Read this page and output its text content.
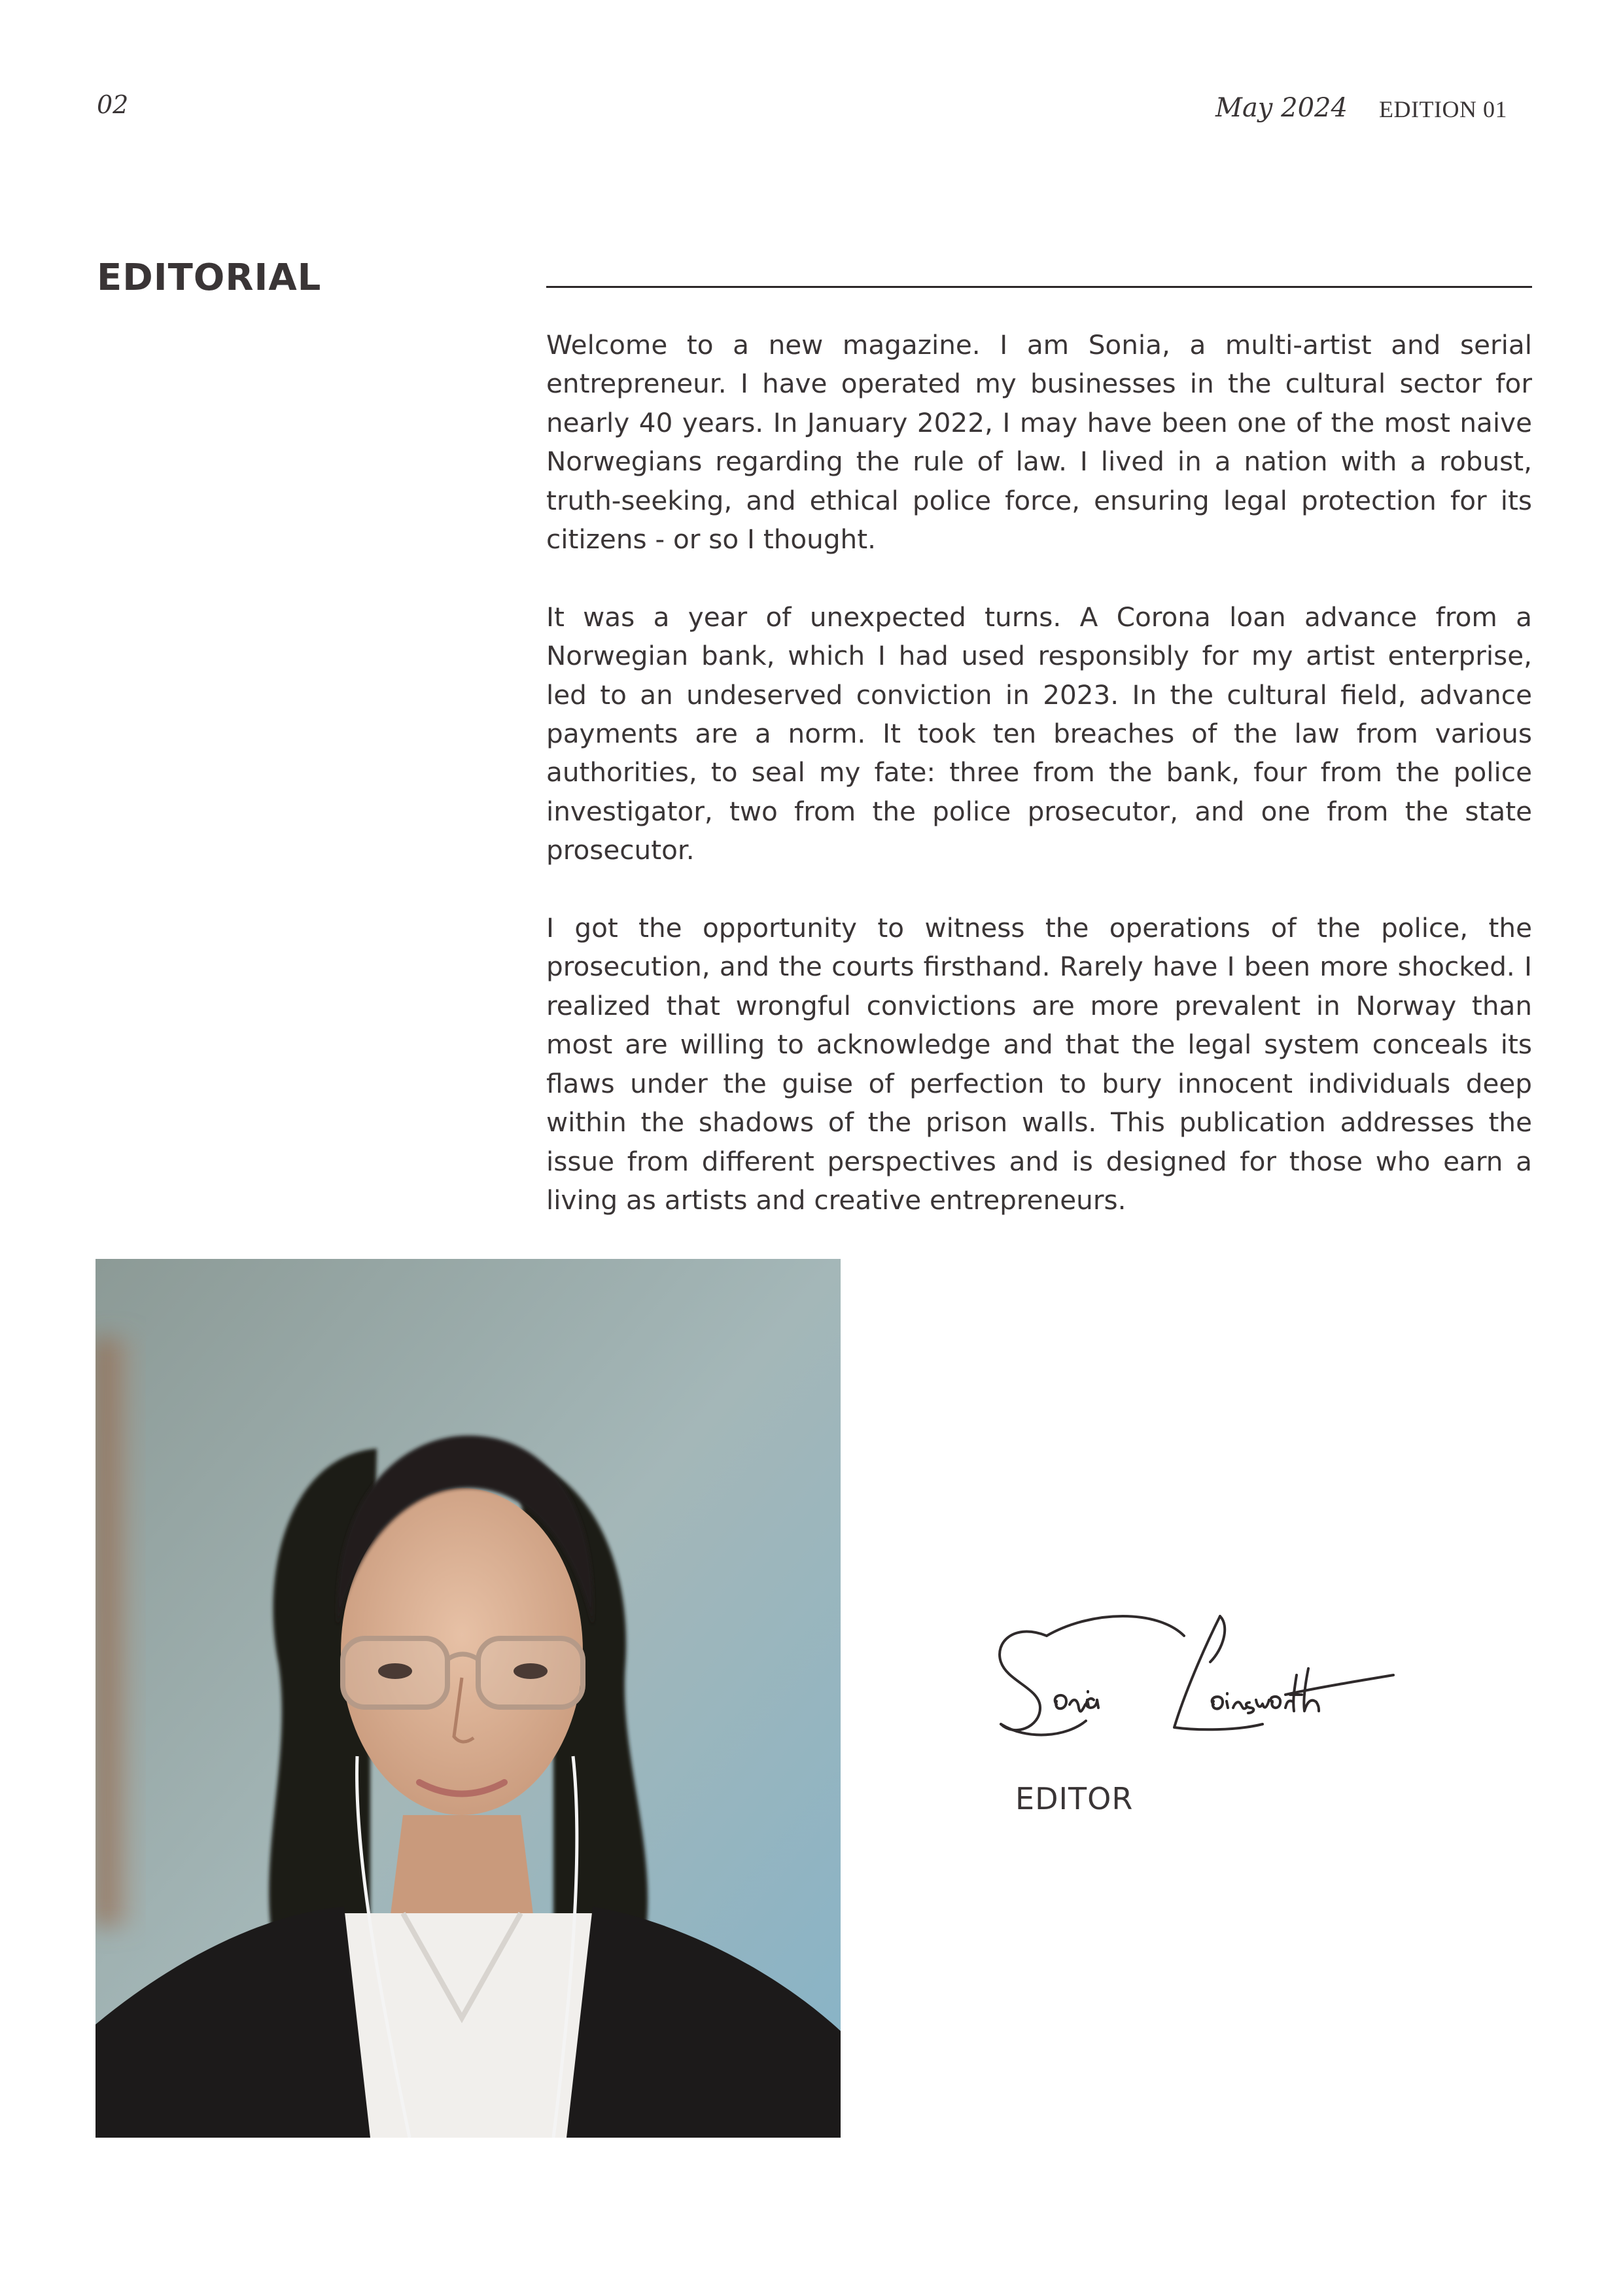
02	May 2024 EDITION 01
EDITORIAL

Welcome to a new magazine. I am Sonia, a multi-artist and serial entrepreneur. I have operated my businesses in the cultural sector for nearly 40 years. In January 2022, I may have been one of the most naive Norwegians regarding the rule of law. I lived in a nation with a robust, truth-seeking, and ethical police force, ensuring legal protection for its citizens - or so I thought.

It was a year of unexpected turns. A Corona loan advance from a Norwegian bank, which I had used responsibly for my artist enterprise, led to an undeserved conviction in 2023. In the cultural field, advance payments are a norm. It took ten breaches of the law from various authorities, to seal my fate: three from the bank, four from the police investigator, two from the police prosecutor, and one from the state prosecutor.

I got the opportunity to witness the operations of the police, the prosecution, and the courts firsthand. Rarely have I been more shocked. I realized that wrongful convictions are more prevalent in Norway than most are willing to acknowledge and that the legal system conceals its flaws under the guise of perfection to bury innocent individuals deep within the shadows of the prison walls. This publication addresses the issue from different perspectives and is designed for those who earn a living as artists and creative entrepreneurs.

EDITOR
